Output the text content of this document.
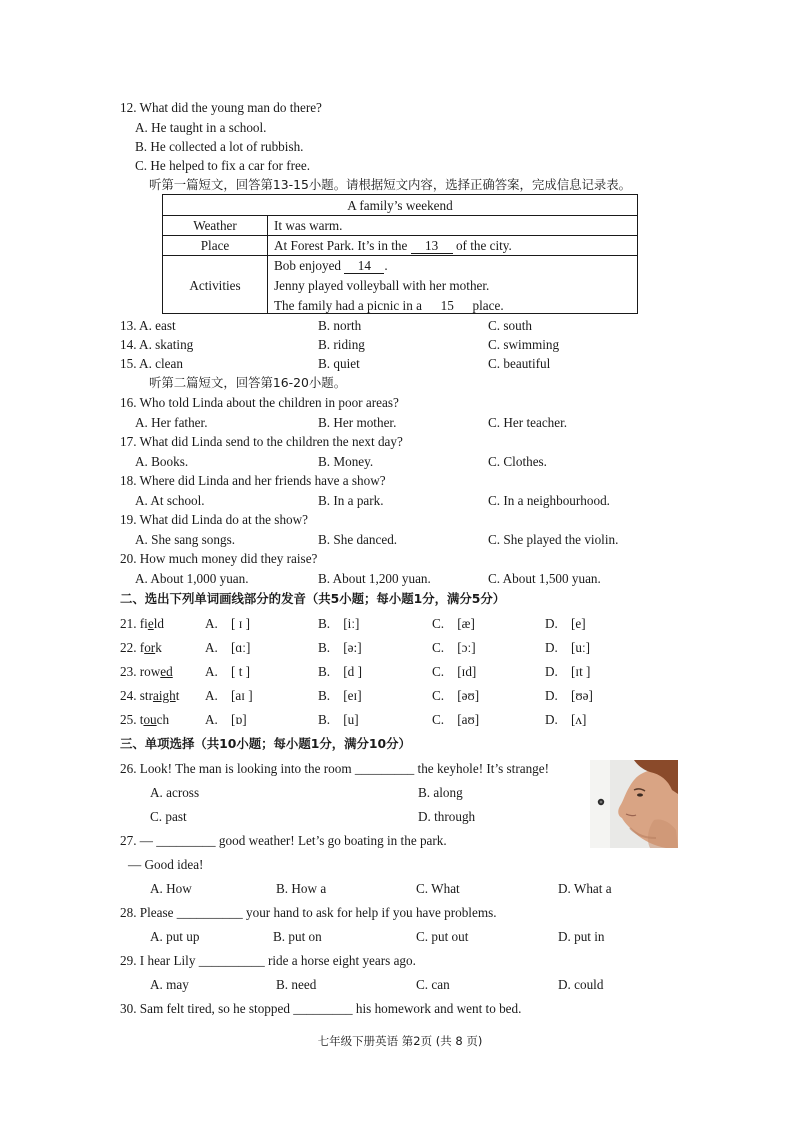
12. What did the young man do there?
A. He taught in a school.
B. He collected a lot of rubbish.
C. He helped to fix a car for free.
听第一篇短文，回答第13-15小题。请根据短文内容，选择正确答案，完成信息记录表。
A family’s weekend
Weather	It was warm.
Place	At Forest Park. It’s in the 13 of the city.
Activities
Bob enjoyed 14 .
Jenny played volleyball with her mother.
The family had a picnic in a 15 place.
13. A. east	B. north	C. south
14. A. skating	B. riding	C. swimming
15. A. clean	B. quiet	C. beautiful
听第二篇短文，回答第16-20小题。
16. Who told Linda about the children in poor areas?
A. Her father.	B. Her mother.	C. Her teacher.
17. What did Linda send to the children the next day?
A. Books.	B. Money.	C. Clothes.
18. Where did Linda and her friends have a show?
A. At school.	B. In a park.	C. In a neighbourhood.
19. What did Linda do at the show?
A. She sang songs.	B. She danced.	C. She played the violin.
20. How much money did they raise?
A. About 1,000 yuan.	B. About 1,200 yuan.	C. About 1,500 yuan.
二、选出下列单词画线部分的发音（共5小题；每小题1分，满分5分）
21. field	A. [ ɪ ]	B. [iː]	C. [æ]	D. [e]
22. fork	A. [ɑː]	B. [ə:]	C. [ɔː]	D. [uː]
23. rowed A. [ t ]	B. [d ]	C. [ɪd]	D. [ɪt ]
24. straight A. [aɪ ]	B. [eɪ]	C. [əʊ]	D. [ʊə]
25. touch	A. [ɒ]	B. [u]	C. [aʊ]	D. [ʌ]
三、单项选择（共10小题；每小题1分，满分10分）
26. Look! The man is looking into the room _________ the keyhole! It’s strange!
A. across	B. along
C. past	D. through
27. — _________ good weather! Let’s go boating in the park.
— Good idea!
A. How	B. How a	C. What	D. What a
28. Please __________ your hand to ask for help if you have problems.
A. put up	B. put on	C. put out	D. put in
29. I hear Lily __________ ride a horse eight years ago.
A. may	B. need	C. can	D. could
30. Sam felt tired, so he stopped _________ his homework and went to bed.
七年级下册英语 第2页 (共 8 页)
